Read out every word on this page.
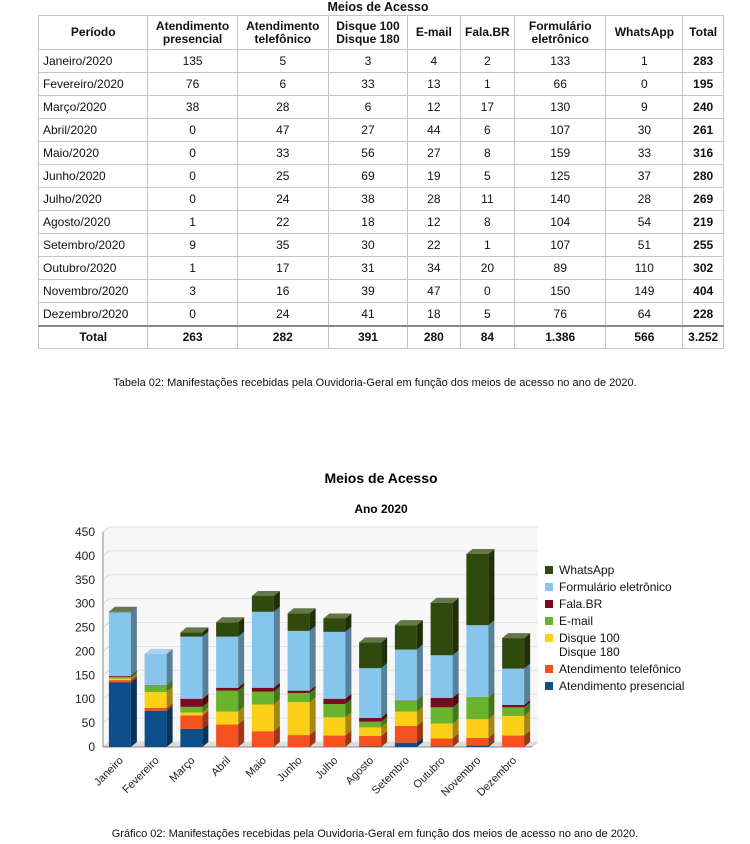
Meios de Acesso
Período	Atendimento presencial	Atendimento telefônico	Disque 100 Disque 180	E-mail	Fala.BR	Formulário eletrônico	WhatsApp	Total
Janeiro/2020	135	5	3	4	2	133	1	283
Fevereiro/2020	76	6	33	13	1	66	0	195
Março/2020	38	28	6	12	17	130	9	240
Abril/2020	0	47	27	44	6	107	30	261
Maio/2020	0	33	56	27	8	159	33	316
Junho/2020	0	25	69	19	5	125	37	280
Julho/2020	0	24	38	28	11	140	28	269
Agosto/2020	1	22	18	12	8	104	54	219
Setembro/2020	9	35	30	22	1	107	51	255
Outubro/2020	1	17	31	34	20	89	110	302
Novembro/2020	3	16	39	47	0	150	149	404
Dezembro/2020	0	24	41	18	5	76	64	228
Total	263	282	391	280	84	1.386	566	3.252
Tabela 02: Manifestações recebidas pela Ouvidoria-Geral em função dos meios de acesso no ano de 2020.
Meios de Acesso
Ano 2020
0
50
100
150
200
250
300
350
400
450
Janeiro
Fevereiro Março Abril Maio Junho Julho Agosto
Setembro Outubro
Novembro
Dezembro
WhatsApp
Formulário eletrônico
Fala.BR
E-mail
Disque 100
Disque 180
Atendimento telefônico
Atendimento presencial
Gráfico 02: Manifestações recebidas pela Ouvidoria-Geral em função dos meios de acesso no ano de 2020.
